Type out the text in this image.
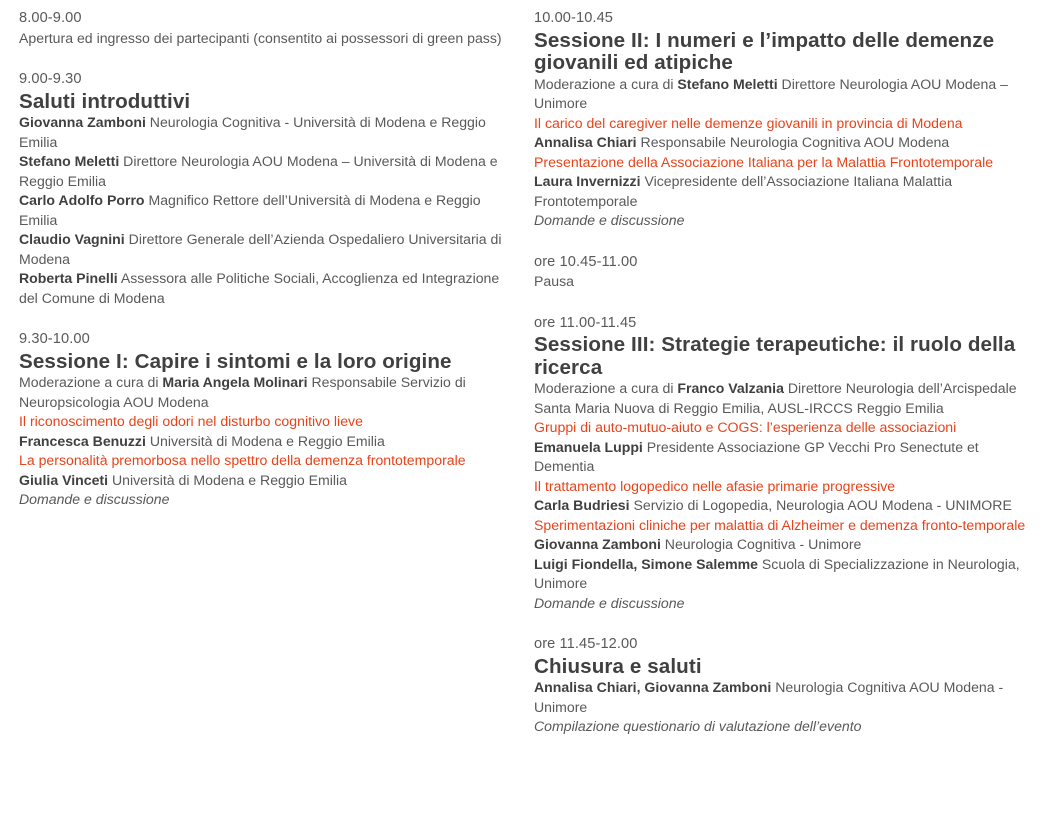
8.00-9.00
Apertura ed ingresso dei partecipanti (consentito ai possessori di green pass)
9.00-9.30
Saluti introduttivi
Giovanna Zamboni Neurologia Cognitiva - Università di Modena e Reggio Emilia
Stefano Meletti Direttore Neurologia AOU Modena – Università di Modena e Reggio Emilia
Carlo Adolfo Porro Magnifico Rettore dell’Università di Modena e Reggio Emilia
Claudio Vagnini Direttore Generale dell’Azienda Ospedaliero Universitaria di Modena
Roberta Pinelli Assessora alle Politiche Sociali, Accoglienza ed Integrazione del Comune di Modena
9.30-10.00
Sessione I: Capire i sintomi e la loro origine
Moderazione a cura di Maria Angela Molinari Responsabile Servizio di Neuropsicologia AOU Modena
Il riconoscimento degli odori nel disturbo cognitivo lieve
Francesca Benuzzi Università di Modena e Reggio Emilia
La personalità premorbosa nello spettro della demenza frontotemporale
Giulia Vinceti Università di Modena e Reggio Emilia
Domande e discussione
10.00-10.45
Sessione II: I numeri e l’impatto delle demenze giovanili ed atipiche
Moderazione a cura di Stefano Meletti Direttore Neurologia AOU Modena – Unimore
Il carico del caregiver nelle demenze giovanili in provincia di Modena
Annalisa Chiari Responsabile Neurologia Cognitiva AOU Modena
Presentazione della Associazione Italiana per la Malattia Frontotemporale
Laura Invernizzi Vicepresidente dell’Associazione Italiana Malattia Frontotemporale
Domande e discussione
ore 10.45-11.00
Pausa
ore 11.00-11.45
Sessione III: Strategie terapeutiche: il ruolo della ricerca
Moderazione a cura di Franco Valzania Direttore Neurologia dell’Arcispedale Santa Maria Nuova di Reggio Emilia, AUSL-IRCCS Reggio Emilia
Gruppi di auto-mutuo-aiuto e COGS: l’esperienza delle associazioni
Emanuela Luppi Presidente Associazione GP Vecchi Pro Senectute et Dementia
Il trattamento logopedico nelle afasie primarie progressive
Carla Budriesi Servizio di Logopedia, Neurologia AOU Modena - UNIMORE
Sperimentazioni cliniche per malattia di Alzheimer e demenza fronto-temporale
Giovanna Zamboni Neurologia Cognitiva - Unimore
Luigi Fiondella, Simone Salemme Scuola di Specializzazione in Neurologia, Unimore
Domande e discussione
ore 11.45-12.00
Chiusura e saluti
Annalisa Chiari, Giovanna Zamboni Neurologia Cognitiva AOU Modena - Unimore
Compilazione questionario di valutazione dell’evento
